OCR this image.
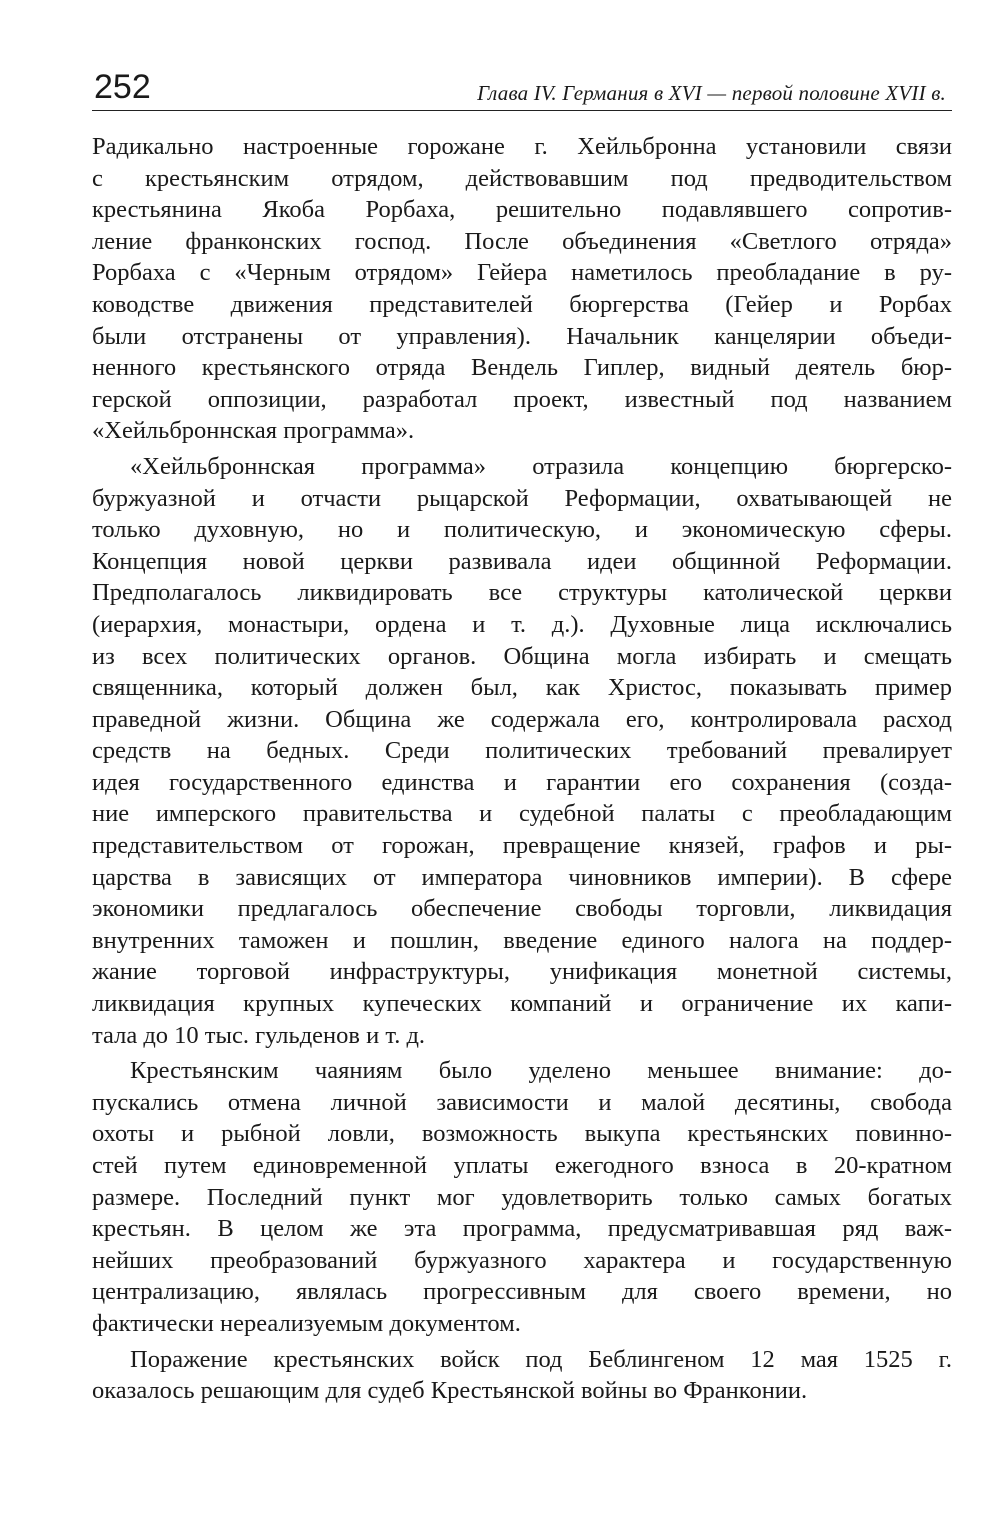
252	Глава IV. Германия в XVI — первой половине XVII в.
Радикально настроенные горожане г. Хейльбронна установили связи
с крестьянским отрядом, действовавшим под предводительством
крестьянина Якоба Рорбаха, решительно подавлявшего сопротив-
ление франконских господ. После объединения «Светлого отряда»
Рорбаха с «Черным отрядом» Гейера наметилось преобладание в ру-
ководстве движения представителей бюргерства (Гейер и Рорбах
были отстранены от управления). Начальник канцелярии объеди-
ненного крестьянского отряда Вендель Гиплер, видный деятель бюр-
герской оппозиции, разработал проект, известный под названием
«Хейльброннская программа».
«Хейльброннская программа» отразила концепцию бюргерско-
буржуазной и отчасти рыцарской Реформации, охватывающей не
только духовную, но и политическую, и экономическую сферы.
Концепция новой церкви развивала идеи общинной Реформации.
Предполагалось ликвидировать все структуры католической церкви
(иерархия, монастыри, ордена и т. д.). Духовные лица исключались
из всех политических органов. Община могла избирать и смещать
священника, который должен был, как Христос, показывать пример
праведной жизни. Община же содержала его, контролировала расход
средств на бедных. Среди политических требований превалирует
идея государственного единства и гарантии его сохранения (созда-
ние имперского правительства и судебной палаты с преобладающим
представительством от горожан, превращение князей, графов и ры-
царства в зависящих от императора чиновников империи). В сфере
экономики предлагалось обеспечение свободы торговли, ликвидация
внутренних таможен и пошлин, введение единого налога на поддер-
жание торговой инфраструктуры, унификация монетной системы,
ликвидация крупных купеческих компаний и ограничение их капи-
тала до 10 тыс. гульденов и т. д.
Крестьянским чаяниям было уделено меньшее внимание: до-
пускались отмена личной зависимости и малой десятины, свобода
охоты и рыбной ловли, возможность выкупа крестьянских повинно-
стей путем единовременной уплаты ежегодного взноса в 20-кратном
размере. Последний пункт мог удовлетворить только самых богатых
крестьян. В целом же эта программа, предусматривавшая ряд важ-
нейших преобразований буржуазного характера и государственную
централизацию, являлась прогрессивным для своего времени, но
фактически нереализуемым документом.
Поражение крестьянских войск под Беблингеном 12 мая 1525 г.
оказалось решающим для судеб Крестьянской войны во Франконии.
